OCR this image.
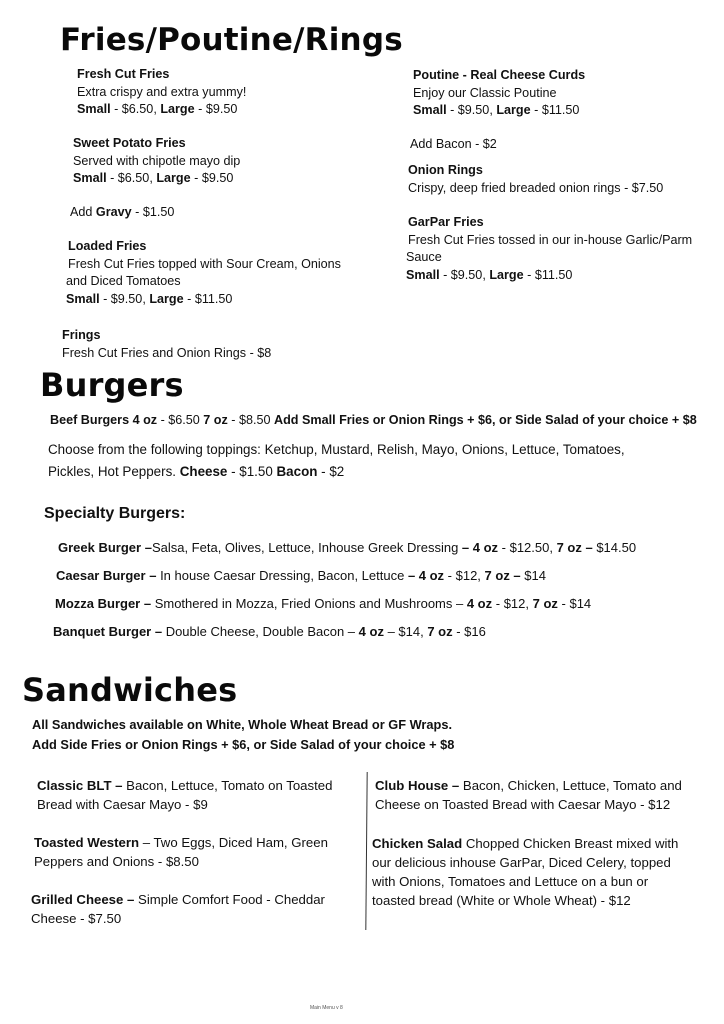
Fries/Poutine/Rings
Fresh Cut Fries
Extra crispy and extra yummy!
Small - $6.50, Large - $9.50
Sweet Potato Fries
Served with chipotle mayo dip
Small - $6.50, Large - $9.50
Add Gravy - $1.50
Loaded Fries
Fresh Cut Fries topped with Sour Cream, Onions
and Diced Tomatoes
Small - $9.50, Large - $11.50
Frings
Fresh Cut Fries and Onion Rings - $8
Poutine - Real Cheese Curds
Enjoy our Classic Poutine
Small - $9.50, Large - $11.50
Add Bacon - $2
Onion Rings
Crispy, deep fried breaded onion rings - $7.50
GarPar Fries
Fresh Cut Fries tossed in our in-house Garlic/Parm
Sauce
Small - $9.50, Large - $11.50
Burgers
Beef Burgers 4 oz - $6.50 7 oz - $8.50 Add Small Fries or Onion Rings + $6, or Side Salad of your choice + $8
Choose from the following toppings: Ketchup, Mustard, Relish, Mayo, Onions, Lettuce, Tomatoes,
Pickles, Hot Peppers. Cheese - $1.50 Bacon - $2
Specialty Burgers:
Greek Burger –Salsa, Feta, Olives, Lettuce, Inhouse Greek Dressing – 4 oz - $12.50, 7 oz – $14.50
Caesar Burger – In house Caesar Dressing, Bacon, Lettuce – 4 oz - $12, 7 oz – $14
Mozza Burger – Smothered in Mozza, Fried Onions and Mushrooms – 4 oz - $12, 7 oz - $14
Banquet Burger – Double Cheese, Double Bacon – 4 oz – $14, 7 oz - $16
Sandwiches
All Sandwiches available on White, Whole Wheat Bread or GF Wraps.
Add Side Fries or Onion Rings + $6, or Side Salad of your choice + $8
Classic BLT – Bacon, Lettuce, Tomato on Toasted
Bread with Caesar Mayo - $9
Toasted Western – Two Eggs, Diced Ham, Green
Peppers and Onions - $8.50
Grilled Cheese – Simple Comfort Food - Cheddar
Cheese - $7.50
Club House – Bacon, Chicken, Lettuce, Tomato and
Cheese on Toasted Bread with Caesar Mayo - $12
Chicken Salad Chopped Chicken Breast mixed with
our delicious inhouse GarPar, Diced Celery, topped
with Onions, Tomatoes and Lettuce on a bun or
toasted bread (White or Whole Wheat) - $12
Main Menu v 8
